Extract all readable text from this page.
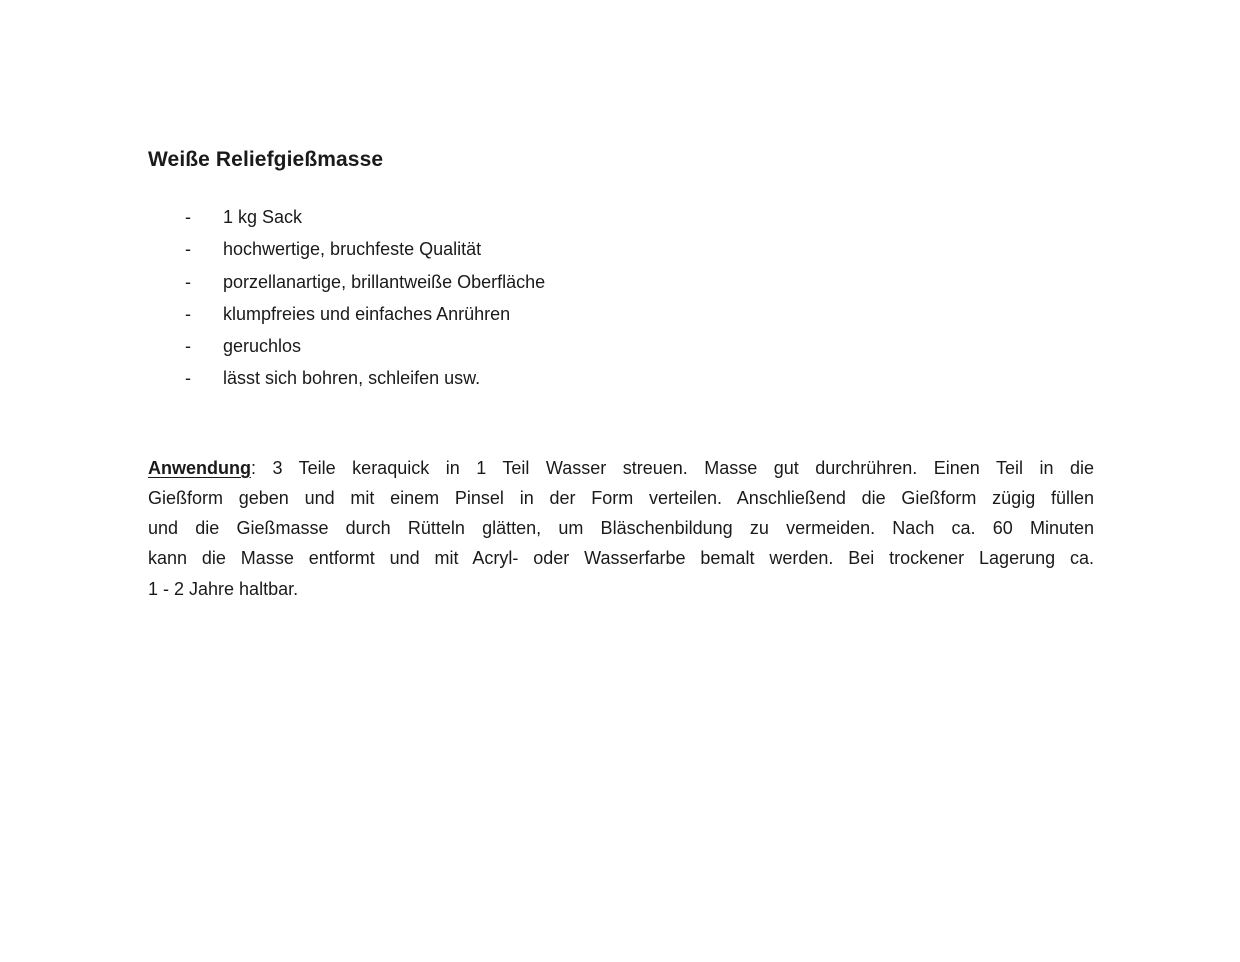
Weiße Reliefgießmasse
-	1 kg Sack
-	hochwertige, bruchfeste Qualität
-	porzellanartige, brillantweiße Oberfläche
-	klumpfreies und einfaches Anrühren
-	geruchlos
-	lässt sich bohren, schleifen usw.
Anwendung: 3 Teile keraquick in 1 Teil Wasser streuen. Masse gut durchrühren. Einen Teil in die
Gießform geben und mit einem Pinsel in der Form verteilen. Anschließend die Gießform zügig füllen
und die Gießmasse durch Rütteln glätten, um Bläschenbildung zu vermeiden. Nach ca. 60 Minuten
kann die Masse entformt und mit Acryl- oder Wasserfarbe bemalt werden. Bei trockener Lagerung ca.
1 - 2 Jahre haltbar.
